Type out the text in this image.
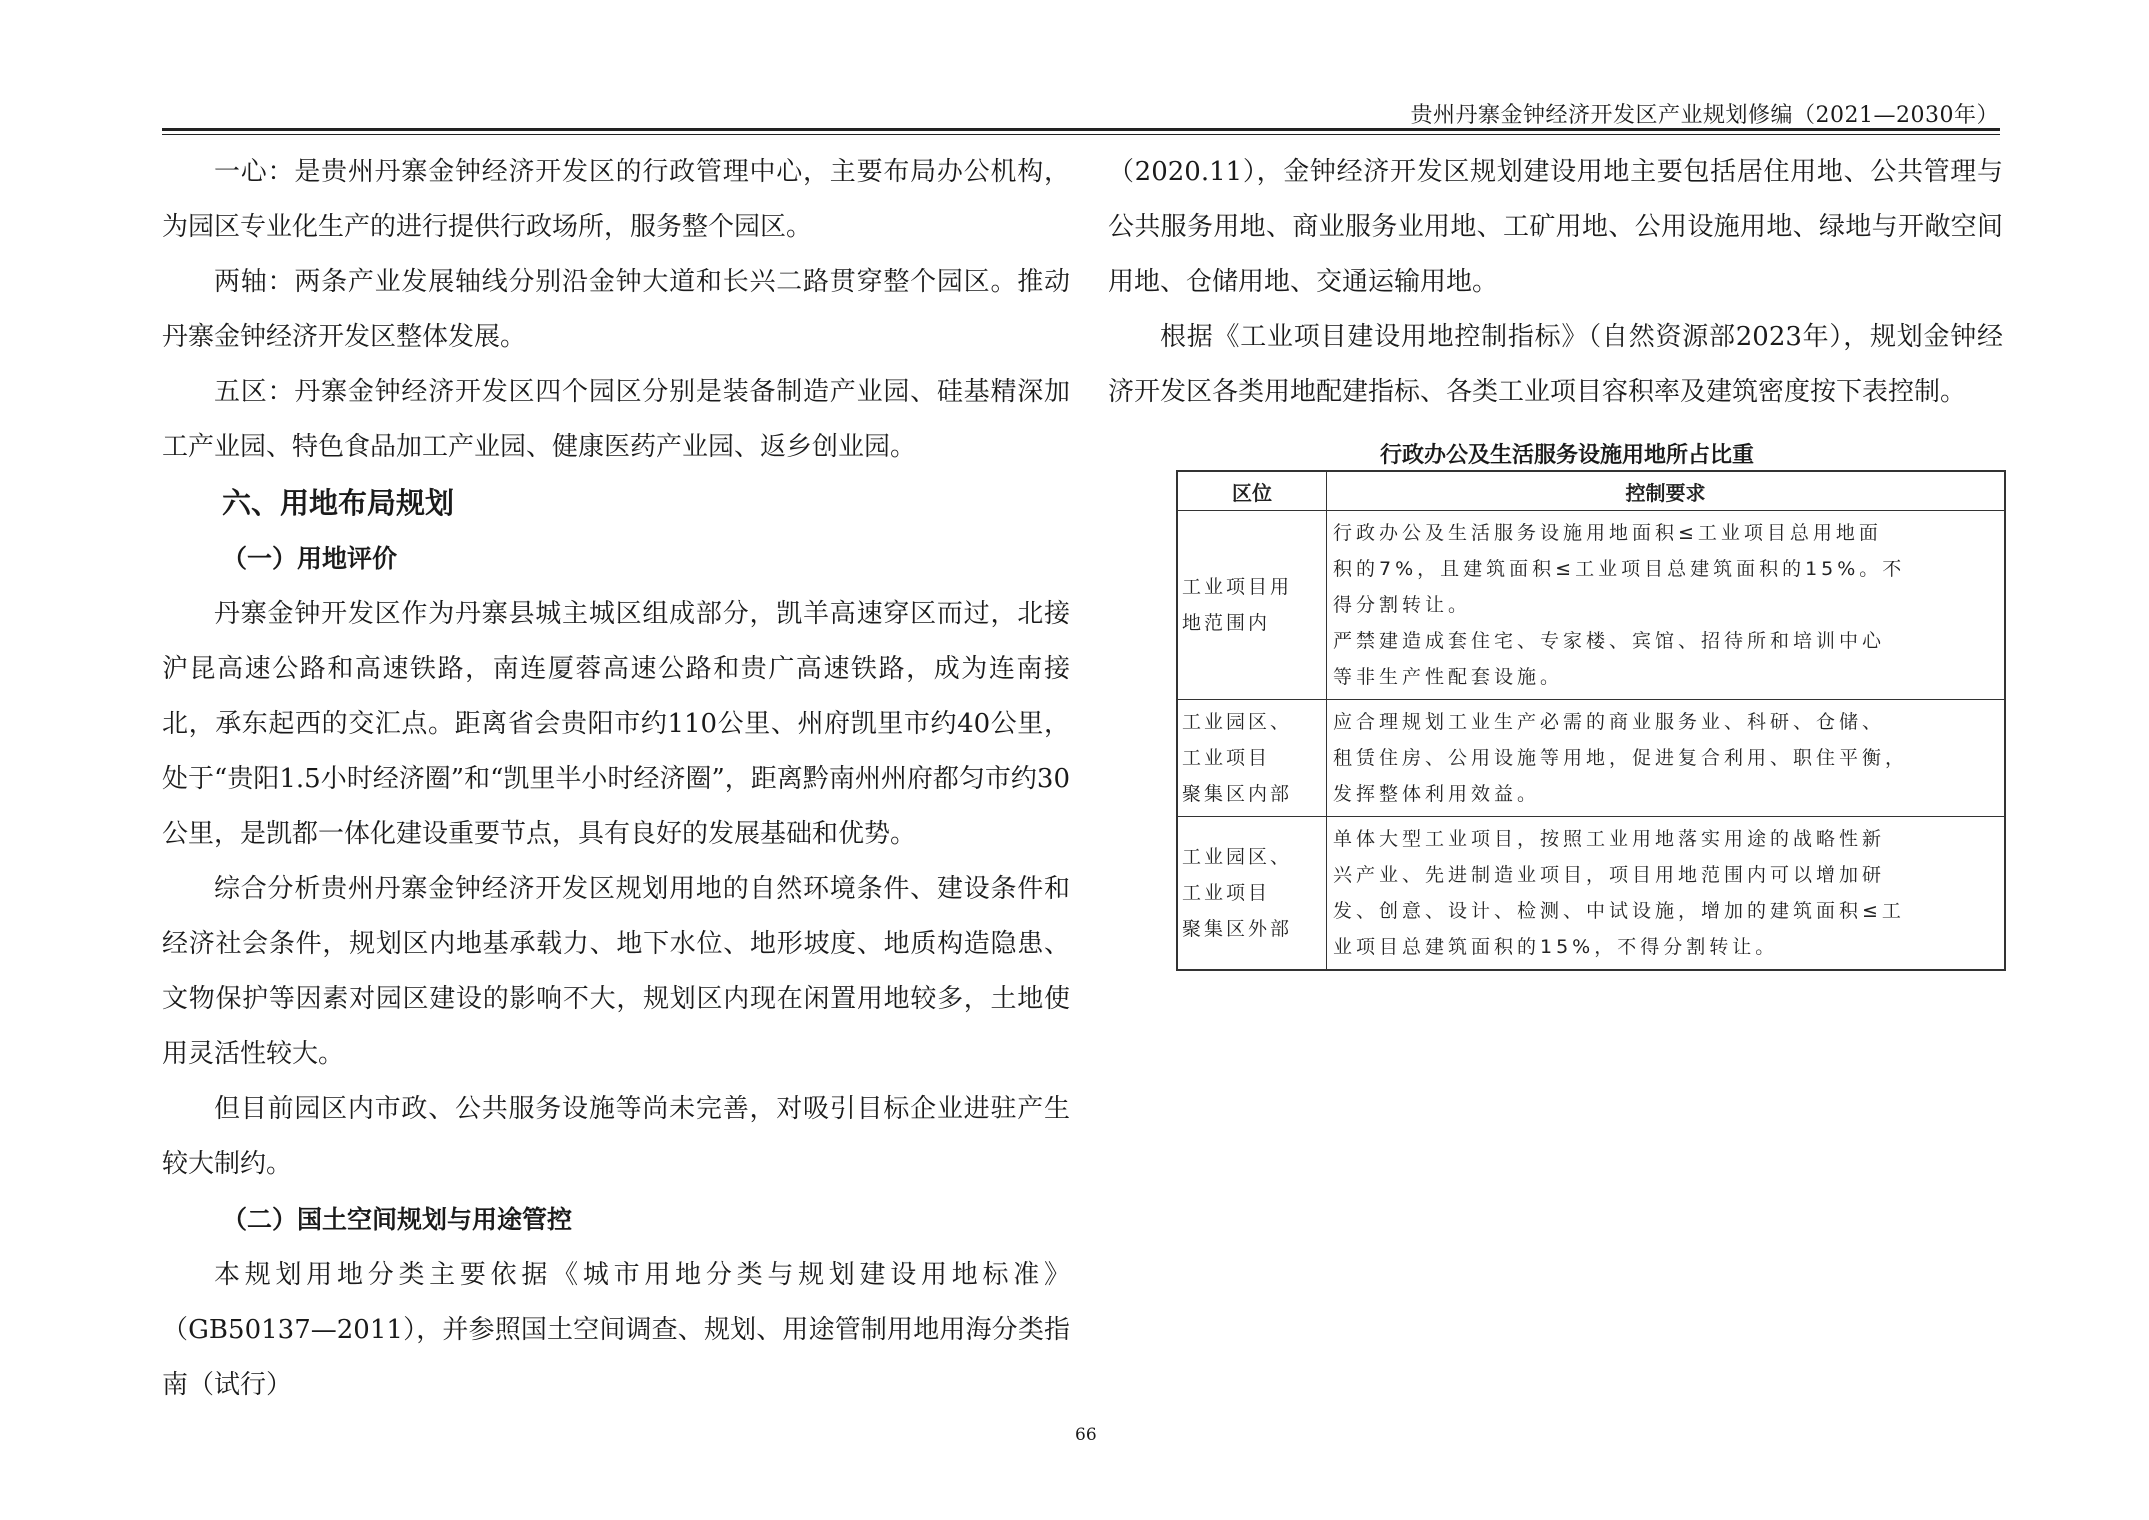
贵州丹寨金钟经济开发区产业规划修编（2021—2030年）

一心：是贵州丹寨金钟经济开发区的行政管理中心，主要布局办公机构，为园区专业化生产的进行提供行政场所，服务整个园区。

两轴：两条产业发展轴线分别沿金钟大道和长兴二路贯穿整个园区。推动丹寨金钟经济开发区整体发展。

五区：丹寨金钟经济开发区四个园区分别是装备制造产业园、硅基精深加工产业园、特色食品加工产业园、健康医药产业园、返乡创业园。

六、用地布局规划

（一）用地评价

丹寨金钟开发区作为丹寨县城主城区组成部分，凯羊高速穿区而过，北接沪昆高速公路和高速铁路，南连厦蓉高速公路和贵广高速铁路，成为连南接北，承东起西的交汇点。距离省会贵阳市约110公里、州府凯里市约40公里，处于“贵阳1.5小时经济圈”和“凯里半小时经济圈”，距离黔南州州府都匀市约30公里，是凯都一体化建设重要节点，具有良好的发展基础和优势。

综合分析贵州丹寨金钟经济开发区规划用地的自然环境条件、建设条件和经济社会条件，规划区内地基承载力、地下水位、地形坡度、地质构造隐患、文物保护等因素对园区建设的影响不大，规划区内现在闲置用地较多，土地使用灵活性较大。

但目前园区内市政、公共服务设施等尚未完善，对吸引目标企业进驻产生较大制约。

（二）国土空间规划与用途管控

本规划用地分类主要依据《城市用地分类与规划建设用地标准》（GB50137—2011），并参照国土空间调查、规划、用途管制用地用海分类指南（试行）

（2020.11），金钟经济开发区规划建设用地主要包括居住用地、公共管理与公共服务用地、商业服务业用地、工矿用地、公用设施用地、绿地与开敞空间用地、仓储用地、交通运输用地。

根据《工业项目建设用地控制指标》（自然资源部2023年），规划金钟经济开发区各类用地配建指标、各类工业项目容积率及建筑密度按下表控制。

行政办公及生活服务设施用地所占比重
区位	控制要求

工业项目用
地范围内	行政办公及生活服务设施用地面积≤工业项目总用地面
积的7%，且建筑面积≤工业项目总建筑面积的15%。不
得分割转让。
严禁建造成套住宅、专家楼、宾馆、招待所和培训中心
等非生产性配套设施。

工业园区、
工业项目
聚集区内部	应合理规划工业生产必需的商业服务业、科研、仓储、
租赁住房、公用设施等用地，促进复合利用、职住平衡，
发挥整体利用效益。

工业园区、
工业项目
聚集区外部	单体大型工业项目，按照工业用地落实用途的战略性新
兴产业、先进制造业项目，项目用地范围内可以增加研
发、创意、设计、检测、中试设施，增加的建筑面积≤工
业项目总建筑面积的15%，不得分割转让。
66
